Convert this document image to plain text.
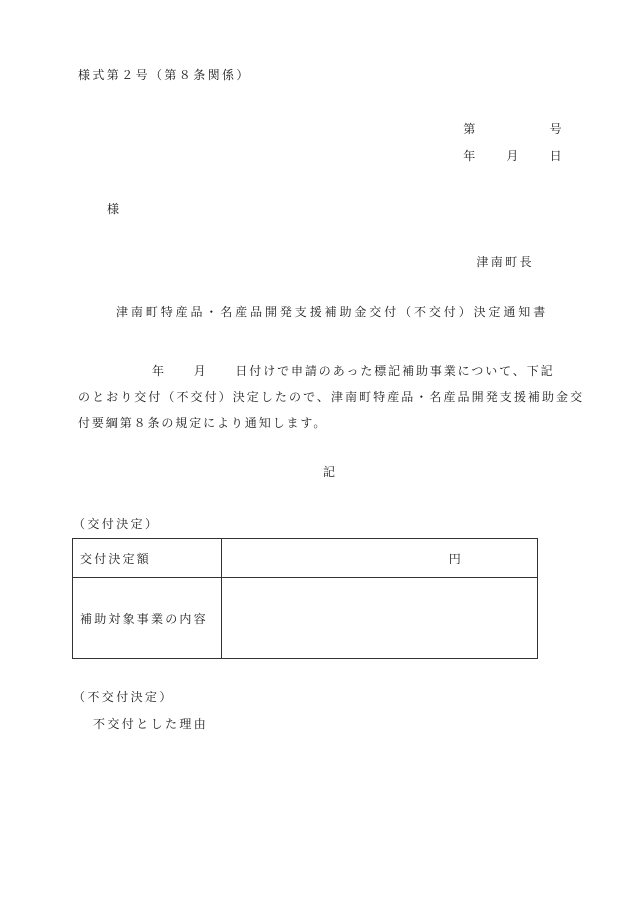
様式第２号（第８条関係）
第　　　　　号
年　　月　　日
様
津南町長
津南町特産品・名産品開発支援補助金交付（不交付）決定通知書

年　　月　　日付けで申請のあった標記補助事業について、下記
のとおり交付（不交付）決定したので、津南町特産品・名産品開発支援補助金交付要綱第８条の規定により通知します。

記
（交付決定）
交付決定額	円
補助対象事業の内容	
（不交付決定）
不交付とした理由
